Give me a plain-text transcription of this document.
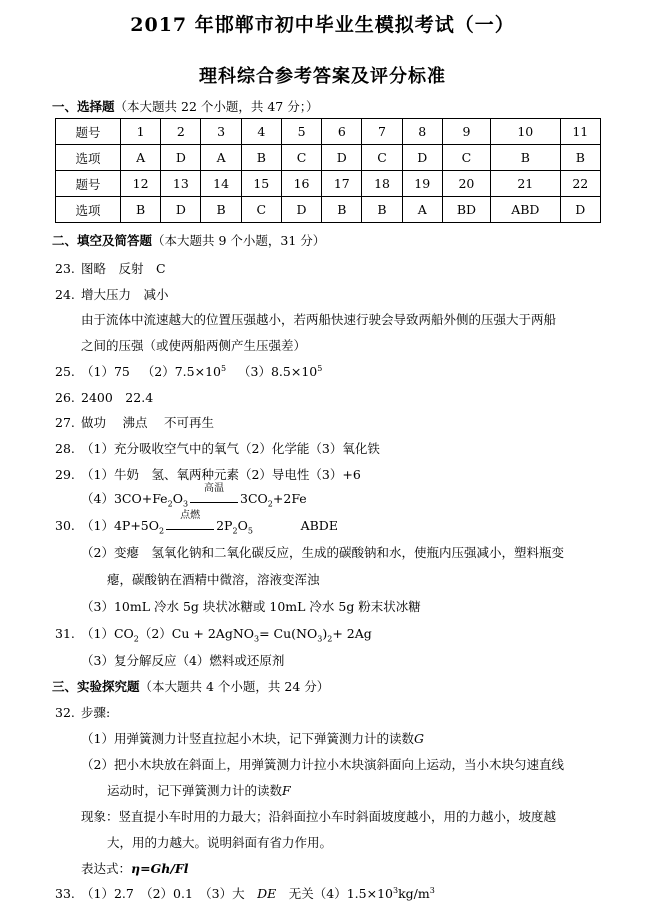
2017 年邯郸市初中毕业生模拟考试（一）
理科综合参考答案及评分标准
一、选择题（本大题共 22 个小题，共 47 分；）
题号	1	2	3	4	5	6	7	8	9	10	11
选项	A	D	A	B	C	D	C	D	C	B	B
题号	12	13	14	15	16	17	18	19	20	21	22
选项	B	D	B	C	D	B	B	A	BD	ABD	D
二、填空及简答题（本大题共 9 个小题，31 分）
23. 图略　反射　C
24. 增大压力　减小
由于流体中流速越大的位置压强越小，若两船快速行驶会导致两船外侧的压强大于两船
之间的压强（或使两船两侧产生压强差）
25. （1）75 $(2)7.5\times 10^5$ $(3)8.5\times 10^5$
26. 2400　22.4
27. 做功　 沸点　 不可再生
28. （1）充分吸收空气中的氧气（2）化学能（3）氧化铁
29. （1）牛奶　氢、氧两种元素（2）导电性（3）+6
$(4)3CO+Fe_2O_3$
高温
$3CO_2+2Fe$
30. $(1)4P+5O_2$
点燃
$2P_2O_5$	ABDE
（2）变瘪　氢氧化钠和二氧化碳反应，生成的碳酸钠和水，使瓶内压强减小，塑料瓶变
瘪，碳酸钠在酒精中微溶，溶液变浑浊
（3）10mL 冷水 5g 块状冰糖或 10mL 冷水 5g 粉末状冰糖
31. $(1)CO_2(2)Cu$ + 2AgNO$_3$= $Cu(NO_3)_2+ 2Ag$
（3）复分解反应（4）燃料或还原剂
三、实验探究题（本大题共 4 个小题，共 24 分）
32. 步骤:
（1）用弹簧测力计竖直拉起小木块，记下弹簧测力计的读数G
（2）把小木块放在斜面上，用弹簧测力计拉小木块演斜面向上运动，当小木块匀速直线
运动时，记下弹簧测力计的读数F
现象：竖直提小车时用的力最大；沿斜面拉小车时斜面坡度越小，用的力越小，坡度越
大，用的力越大。说明斜面有省力作用。
表达式：η=Gh/Fl
33. （1）2.7　（2）0.1　（3）大　DE　无关$(4)1.5\times 10^3kg/m^3$
